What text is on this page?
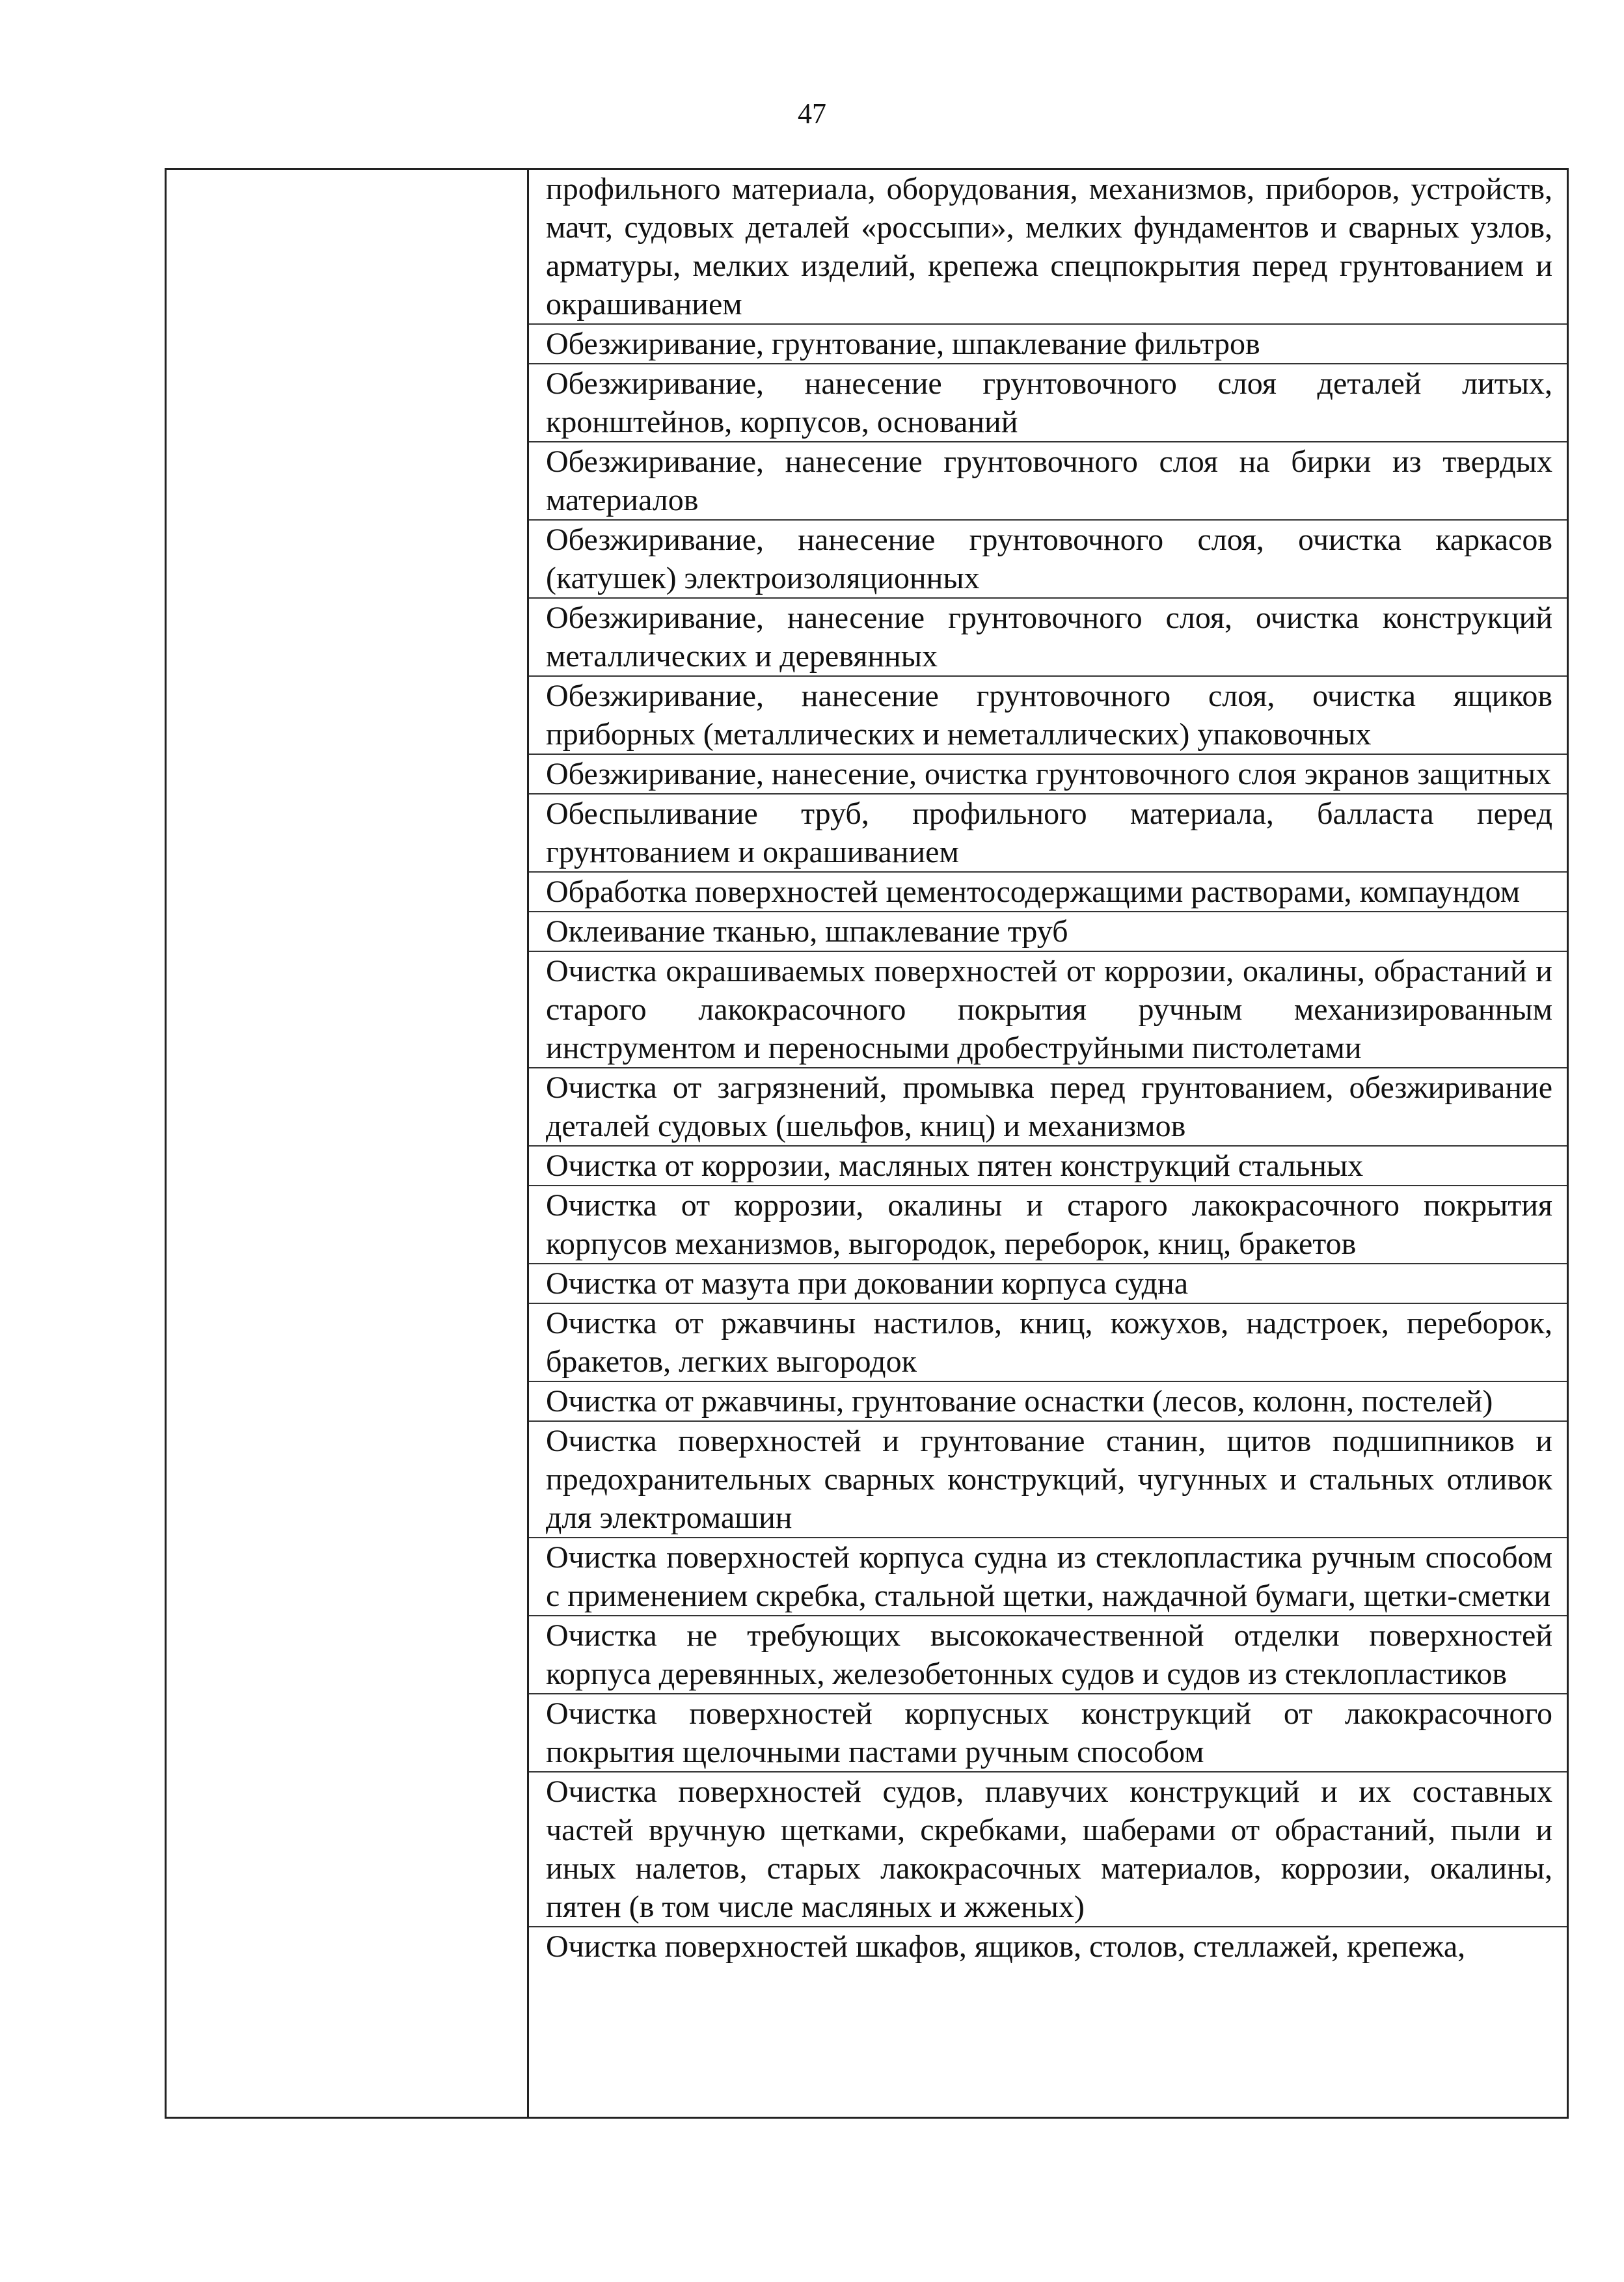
47
профильного материала, оборудования, механизмов, приборов, устройств, мачт, судовых деталей «россыпи», мелких фундаментов и сварных узлов, арматуры, мелких изделий, крепежа спецпокрытия перед грунтованием и окрашиванием
Обезжиривание, грунтование, шпаклевание фильтров
Обезжиривание, нанесение грунтовочного слоя деталей литых, кронштейнов, корпусов, оснований
Обезжиривание, нанесение грунтовочного слоя на бирки из твердых материалов
Обезжиривание, нанесение грунтовочного слоя, очистка каркасов (катушек) электроизоляционных
Обезжиривание, нанесение грунтовочного слоя, очистка конструкций металлических и деревянных
Обезжиривание, нанесение грунтовочного слоя, очистка ящиков приборных (металлических и неметаллических) упаковочных
Обезжиривание, нанесение, очистка грунтовочного слоя экранов защитных
Обеспыливание труб, профильного материала, балласта перед грунтованием и окрашиванием
Обработка поверхностей цементосодержащими растворами, компаундом
Оклеивание тканью, шпаклевание труб
Очистка окрашиваемых поверхностей от коррозии, окалины, обрастаний и старого лакокрасочного покрытия ручным механизированным инструментом и переносными дробеструйными пистолетами
Очистка от загрязнений, промывка перед грунтованием, обезжиривание деталей судовых (шельфов, книц) и механизмов
Очистка от коррозии, масляных пятен конструкций стальных
Очистка от коррозии, окалины и старого лакокрасочного покрытия корпусов механизмов, выгородок, переборок, книц, бракетов
Очистка от мазута при доковании корпуса судна
Очистка от ржавчины настилов, книц, кожухов, надстроек, переборок, бракетов, легких выгородок
Очистка от ржавчины, грунтование оснастки (лесов, колонн, постелей)
Очистка поверхностей и грунтование станин, щитов подшипников и предохранительных сварных конструкций, чугунных и стальных отливок для электромашин
Очистка поверхностей корпуса судна из стеклопластика ручным способом с применением скребка, стальной щетки, наждачной бумаги, щетки-сметки
Очистка не требующих высококачественной отделки поверхностей корпуса деревянных, железобетонных судов и судов из стеклопластиков
Очистка поверхностей корпусных конструкций от лакокрасочного покрытия щелочными пастами ручным способом
Очистка поверхностей судов, плавучих конструкций и их составных частей вручную щетками, скребками, шаберами от обрастаний, пыли и иных налетов, старых лакокрасочных материалов, коррозии, окалины, пятен (в том числе масляных и жженых)
Очистка поверхностей шкафов, ящиков, столов, стеллажей, крепежа,
